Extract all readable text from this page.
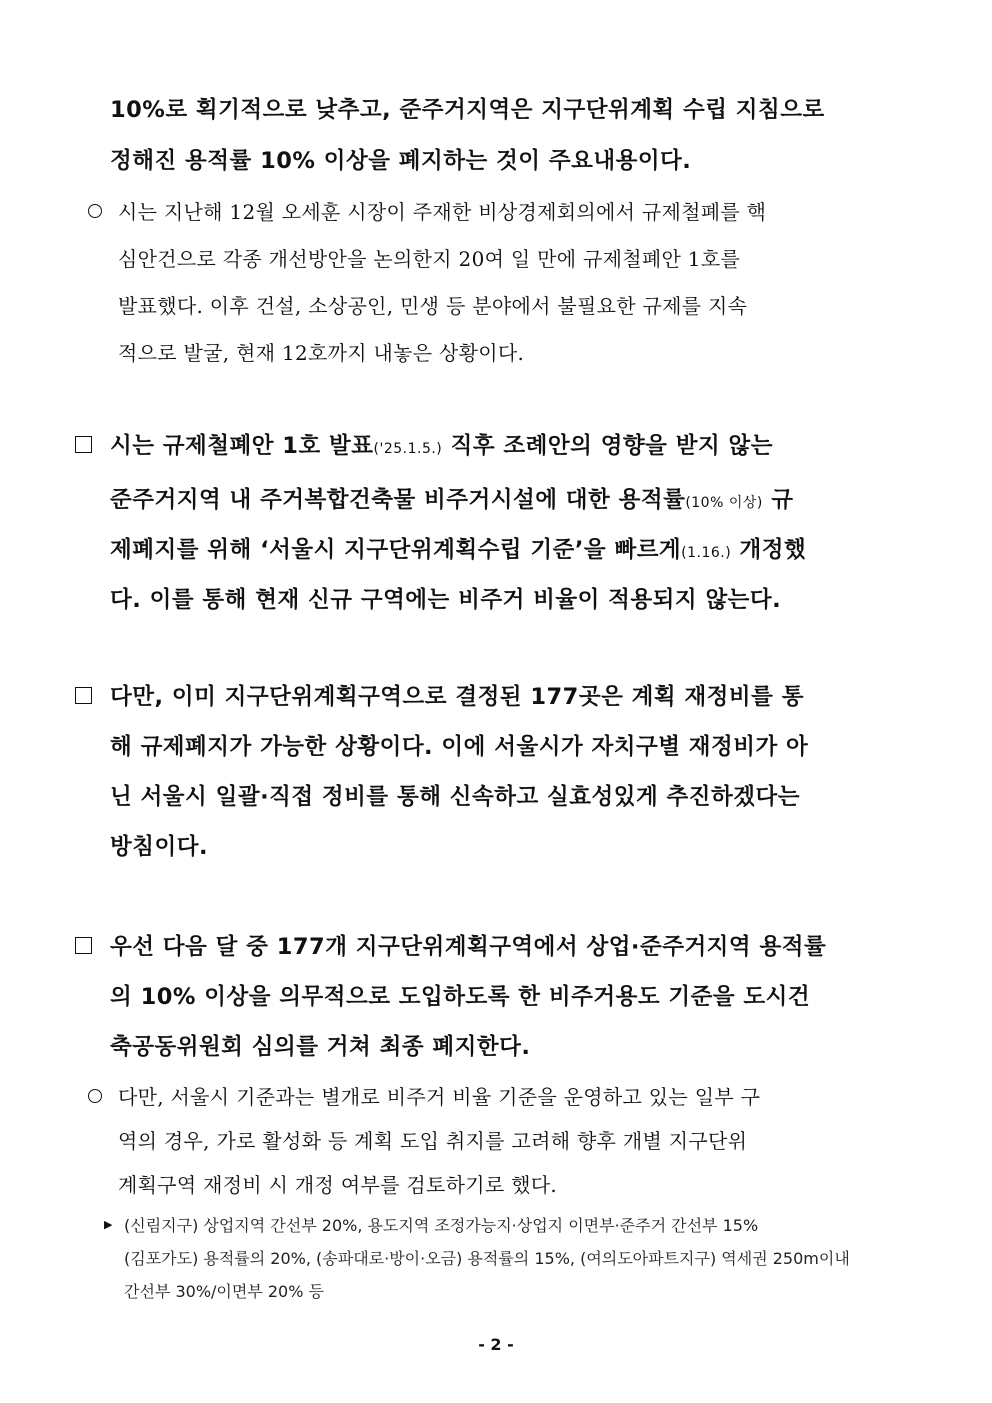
10%로 획기적으로 낮추고, 준주거지역은 지구단위계획 수립 지침으로
정해진 용적률 10% 이상을 폐지하는 것이 주요내용이다.
시는 지난해 12월 오세훈 시장이 주재한 비상경제회의에서 규제철폐를 핵
심안건으로 각종 개선방안을 논의한지 20여 일 만에 규제철폐안 1호를
발표했다. 이후 건설, 소상공인, 민생 등 분야에서 불필요한 규제를 지속
적으로 발굴, 현재 12호까지 내놓은 상황이다.
시는 규제철폐안 1호 발표('25.1.5.) 직후 조례안의 영향을 받지 않는
준주거지역 내 주거복합건축물 비주거시설에 대한 용적률(10% 이상) 규
제폐지를 위해 ‘서울시 지구단위계획수립 기준’을 빠르게(1.16.) 개정했
다. 이를 통해 현재 신규 구역에는 비주거 비율이 적용되지 않는다.
다만, 이미 지구단위계획구역으로 결정된 177곳은 계획 재정비를 통
해 규제폐지가 가능한 상황이다. 이에 서울시가 자치구별 재정비가 아
닌 서울시 일괄·직접 정비를 통해 신속하고 실효성있게 추진하겠다는
방침이다.
우선 다음 달 중 177개 지구단위계획구역에서 상업·준주거지역 용적률
의 10% 이상을 의무적으로 도입하도록 한 비주거용도 기준을 도시건
축공동위원회 심의를 거쳐 최종 폐지한다.
다만, 서울시 기준과는 별개로 비주거 비율 기준을 운영하고 있는 일부 구
역의 경우, 가로 활성화 등 계획 도입 취지를 고려해 향후 개별 지구단위
계획구역 재정비 시 개정 여부를 검토하기로 했다.
▶ (신림지구) 상업지역 간선부 20%, 용도지역 조정가능지·상업지 이면부·준주거 간선부 15%
(김포가도) 용적률의 20%, (송파대로·방이·오금) 용적률의 15%, (여의도아파트지구) 역세권 250m이내
간선부 30%/이면부 20% 등
- 2 -
